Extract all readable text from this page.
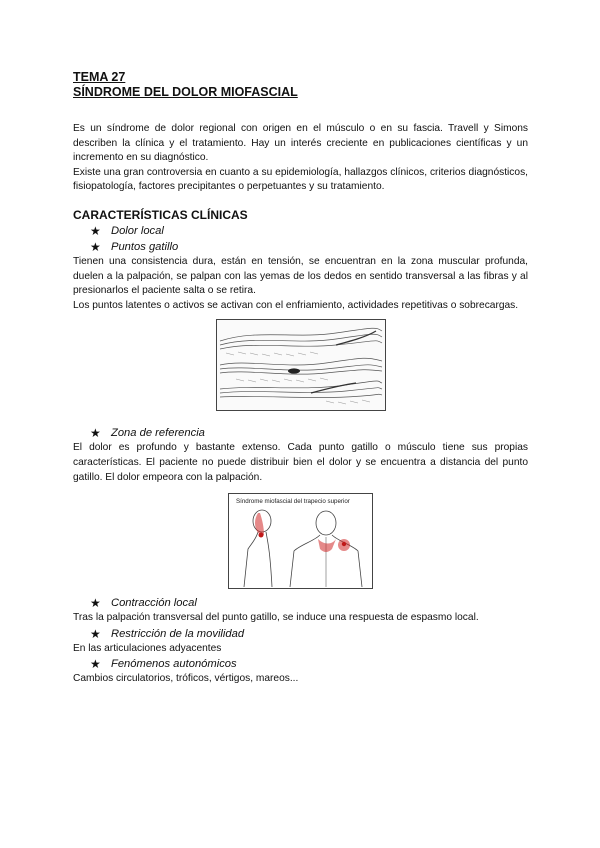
TEMA 27
SÍNDROME DEL DOLOR MIOFASCIAL

Es un síndrome de dolor regional con origen en el músculo o en su fascia. Travell y Simons describen la clínica y el tratamiento. Hay un interés creciente en publicaciones científicas y un incremento en su diagnóstico.

Existe una gran controversia en cuanto a su epidemiología, hallazgos clínicos, criterios diagnósticos, fisiopatología, factores precipitantes o perpetuantes y su tratamiento.

CARACTERÍSTICAS CLÍNICAS
★ Dolor local
★ Puntos gatillo

Tienen una consistencia dura, están en tensión, se encuentran en la zona muscular profunda, duelen a la palpación, se palpan con las yemas de los dedos en sentido transversal a las fibras y al presionarlos el paciente salta o se retira.

Los puntos latentes o activos se activan con el enfriamiento, actividades repetitivas o sobrecargas.

★ Zona de referencia

El dolor es profundo y bastante extenso. Cada punto gatillo o músculo tiene sus propias características. El paciente no puede distribuir bien el dolor y se encuentra a distancia del punto gatillo. El dolor empeora con la palpación.

Síndrome miofascial del trapecio superior
★ Contracción local

Tras la palpación transversal del punto gatillo, se induce una respuesta de espasmo local.

★ Restricción de la movilidad

En las articulaciones adyacentes

★ Fenómenos autonómicos

Cambios circulatorios, tróficos, vértigos, mareos...
